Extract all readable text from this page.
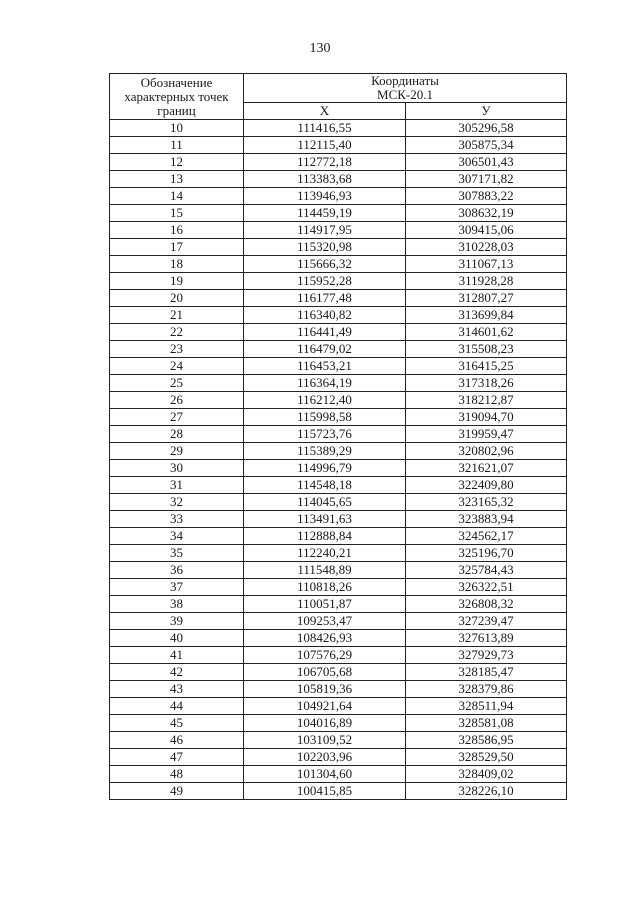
130
Обозначение
характерных точек
границ	Координаты
МСК-20.1	
	X	У
10	111416,55	305296,58
11	112115,40	305875,34
12	112772,18	306501,43
13	113383,68	307171,82
14	113946,93	307883,22
15	114459,19	308632,19
16	114917,95	309415,06
17	115320,98	310228,03
18	115666,32	311067,13
19	115952,28	311928,28
20	116177,48	312807,27
21	116340,82	313699,84
22	116441,49	314601,62
23	116479,02	315508,23
24	116453,21	316415,25
25	116364,19	317318,26
26	116212,40	318212,87
27	115998,58	319094,70
28	115723,76	319959,47
29	115389,29	320802,96
30	114996,79	321621,07
31	114548,18	322409,80
32	114045,65	323165,32
33	113491,63	323883,94
34	112888,84	324562,17
35	112240,21	325196,70
36	111548,89	325784,43
37	110818,26	326322,51
38	110051,87	326808,32
39	109253,47	327239,47
40	108426,93	327613,89
41	107576,29	327929,73
42	106705,68	328185,47
43	105819,36	328379,86
44	104921,64	328511,94
45	104016,89	328581,08
46	103109,52	328586,95
47	102203,96	328529,50
48	101304,60	328409,02
49	100415,85	328226,10
